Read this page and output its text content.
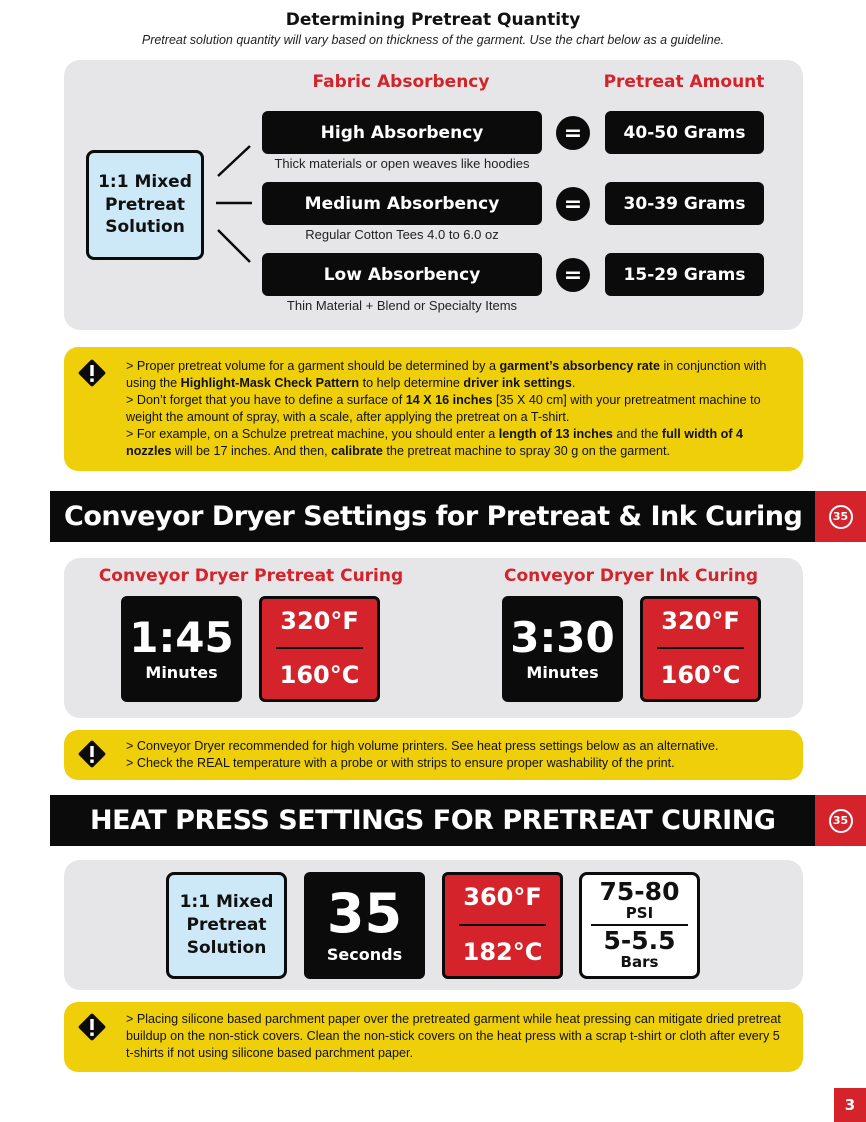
Determining Pretreat Quantity
Pretreat solution quantity will vary based on thickness of the garment. Use the chart below as a guideline.
Fabric Absorbency	Pretreat Amount
1:1 Mixed Pretreat Solution
High Absorbency	=	40-50 Grams
Thick materials or open weaves like hoodies
Medium Absorbency	=	30-39 Grams
Regular Cotton Tees 4.0 to 6.0 oz
Low Absorbency	=	15-29 Grams
Thin Material + Blend or Specialty Items

> Proper pretreat volume for a garment should be determined by a garment’s absorbency rate in conjunction with using the Highlight-Mask Check Pattern to help determine driver ink settings.

> Don’t forget that you have to define a surface of 14 X 16 inches [35 X 40 cm] with your pretreatment machine to weight the amount of spray, with a scale, after applying the pretreat on a T-shirt.

> For example, on a Schulze pretreat machine, you should enter a length of 13 inches and the full width of 4 nozzles will be 17 inches. And then, calibrate the pretreat machine to spray 30 g on the garment.

Conveyor Dryer Settings for Pretreat & Ink Curing	35
Conveyor Dryer Pretreat Curing	Conveyor Dryer Ink Curing
1:45
Minutes
320°F
160°C
3:30
Minutes
320°F
160°C

> Conveyor Dryer recommended for high volume printers. See heat press settings below as an alternative.

> Check the REAL temperature with a probe or with strips to ensure proper washability of the print.

HEAT PRESS SETTINGS FOR PRETREAT CURING	35
1:1 Mixed Pretreat Solution
35
Seconds
360°F
182°C
75-80
PSI
5-5.5
Bars
> Placing silicone based parchment paper over the pretreated garment while heat pressing can mitigate dried pretreat buildup on the non-stick covers. Clean the non-stick covers on the heat press with a scrap t-shirt or cloth after every 5 t-shirts if not using silicone based parchment paper.
3
